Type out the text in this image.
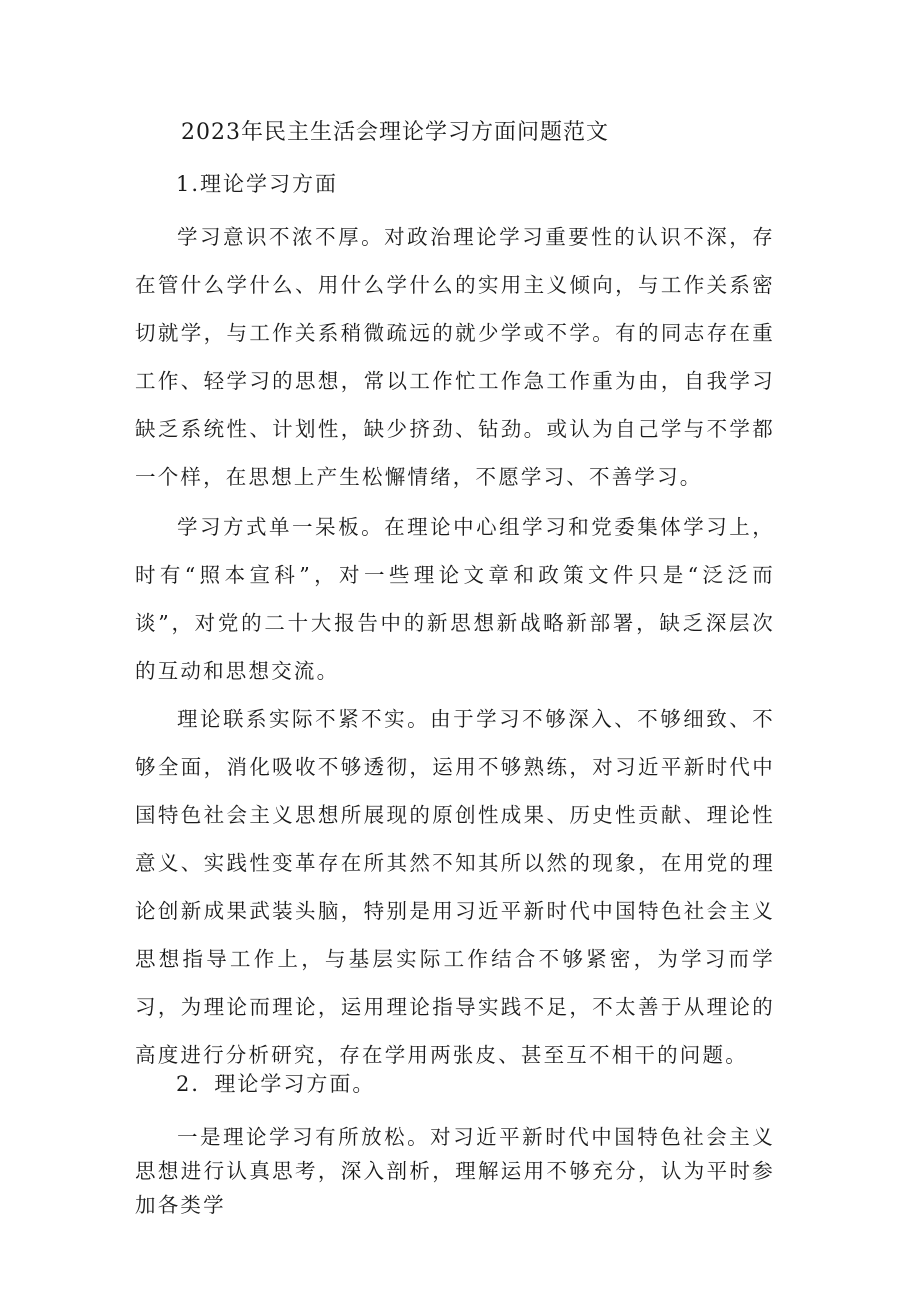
2023年民主生活会理论学习方面问题范文
1.理论学习方面

学习意识不浓不厚。对政治理论学习重要性的认识不深，存在管什么学什么、用什么学什么的实用主义倾向，与工作关系密切就学，与工作关系稍微疏远的就少学或不学。有的同志存在重工作、轻学习的思想，常以工作忙工作急工作重为由，自我学习缺乏系统性、计划性，缺少挤劲、钻劲。或认为自己学与不学都一个样，在思想上产生松懈情绪，不愿学习、不善学习。

学习方式单一呆板。在理论中心组学习和党委集体学习上，时有“照本宣科”，对一些理论文章和政策文件只是“泛泛而谈”，对党的二十大报告中的新思想新战略新部署，缺乏深层次的互动和思想交流。

理论联系实际不紧不实。由于学习不够深入、不够细致、不够全面，消化吸收不够透彻，运用不够熟练，对习近平新时代中国特色社会主义思想所展现的原创性成果、历史性贡献、理论性意义、实践性变革存在所其然不知其所以然的现象，在用党的理论创新成果武装头脑，特别是用习近平新时代中国特色社会主义思想指导工作上，与基层实际工作结合不够紧密，为学习而学习，为理论而理论，运用理论指导实践不足，不太善于从理论的高度进行分析研究，存在学用两张皮、甚至互不相干的问题。

2．理论学习方面。

一是理论学习有所放松。对习近平新时代中国特色社会主义思想进行认真思考，深入剖析，理解运用不够充分，认为平时参加各类学
